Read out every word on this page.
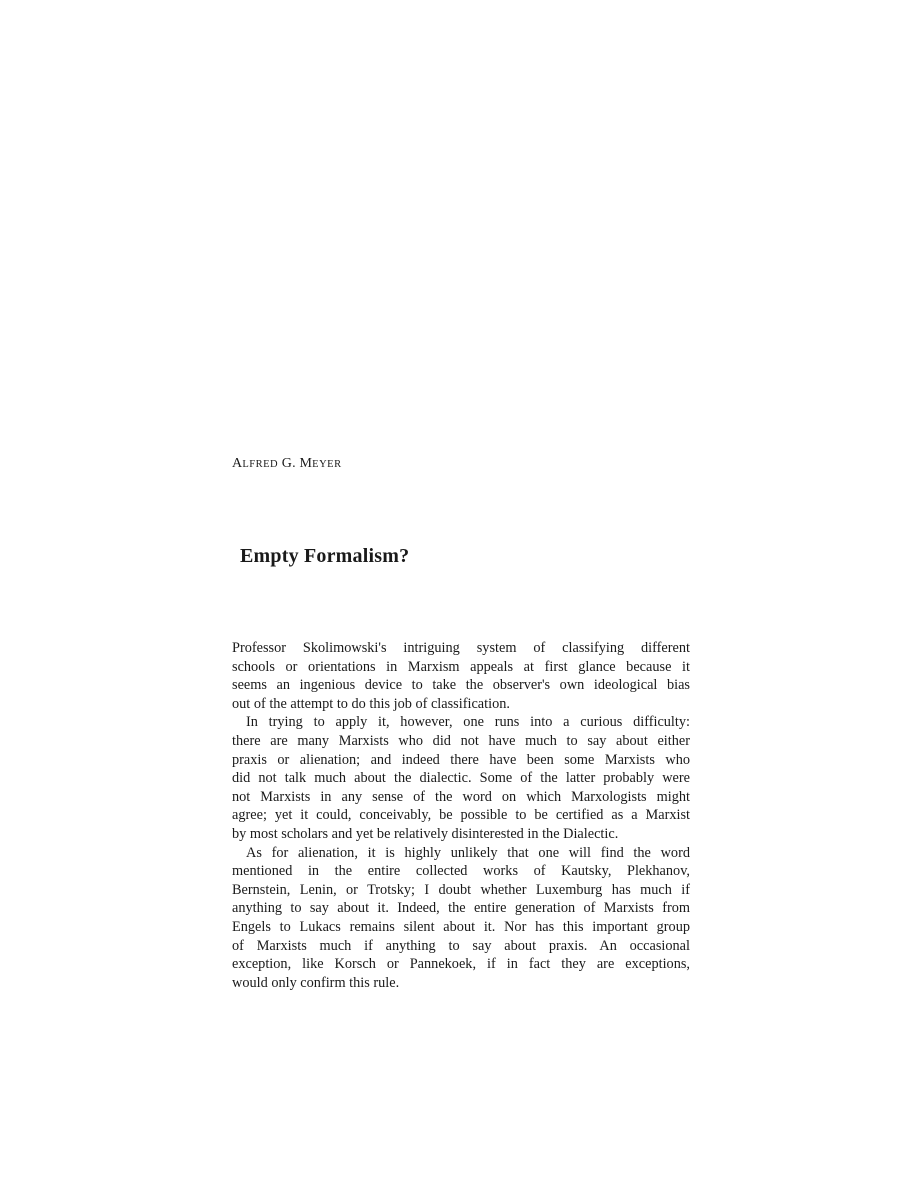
ALFRED G. MEYER
Empty Formalism?

Professor Skolimowski's intriguing system of classifying different
schools or orientations in Marxism appeals at first glance because it
seems an ingenious device to take the observer's own ideological bias
out of the attempt to do this job of classification.

In trying to apply it, however, one runs into a curious difficulty:
there are many Marxists who did not have much to say about either
praxis or alienation; and indeed there have been some Marxists who
did not talk much about the dialectic. Some of the latter probably were
not Marxists in any sense of the word on which Marxologists might
agree; yet it could, conceivably, be possible to be certified as a Marxist
by most scholars and yet be relatively disinterested in the Dialectic.

As for alienation, it is highly unlikely that one will find the word
mentioned in the entire collected works of Kautsky, Plekhanov,
Bernstein, Lenin, or Trotsky; I doubt whether Luxemburg has much if
anything to say about it. Indeed, the entire generation of Marxists from
Engels to Lukacs remains silent about it. Nor has this important group
of Marxists much if anything to say about praxis. An occasional
exception, like Korsch or Pannekoek, if in fact they are exceptions,
would only confirm this rule.
